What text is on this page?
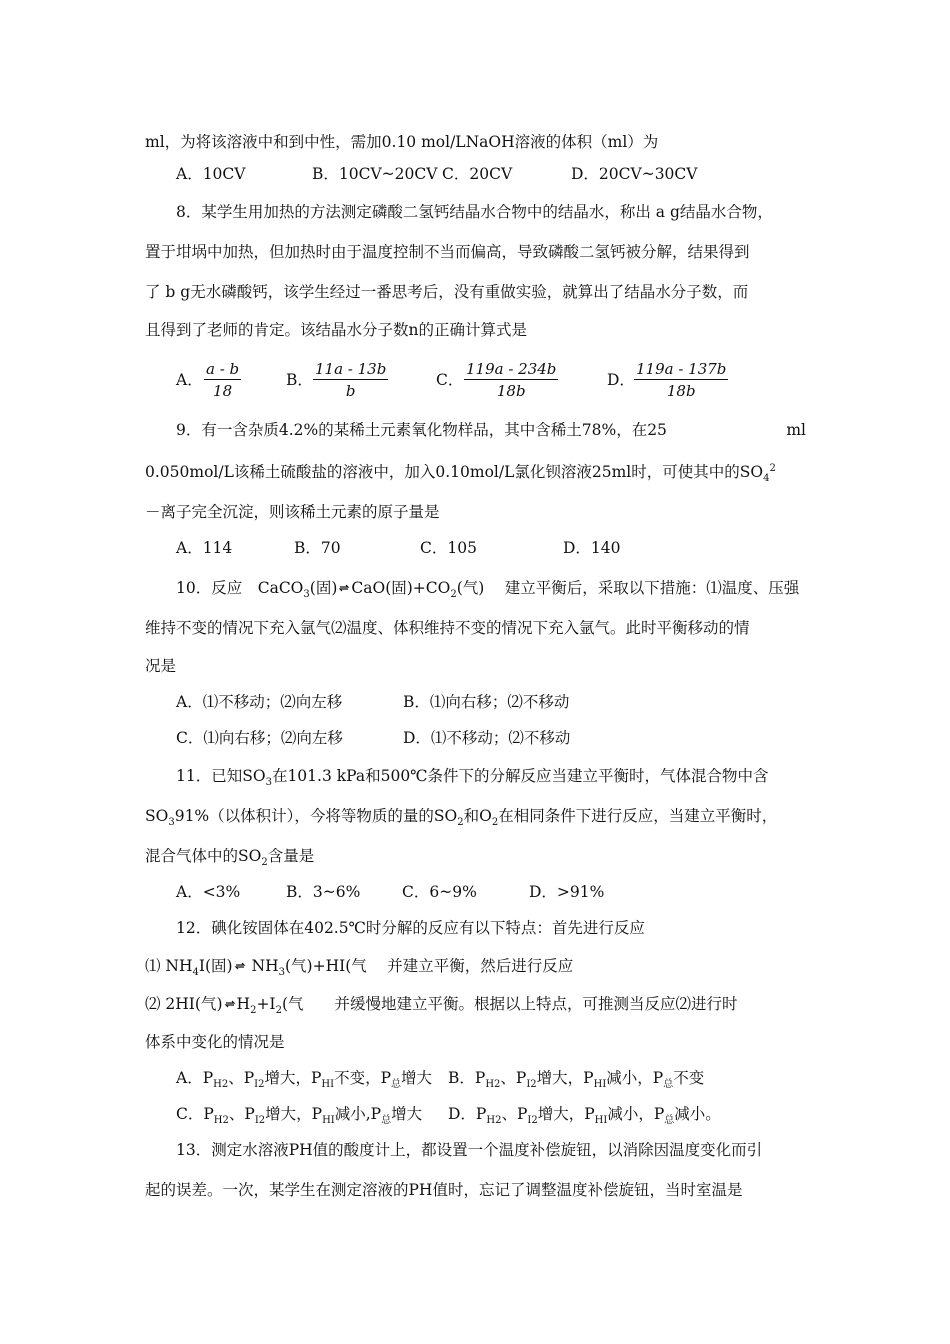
ml，为将该溶液中和到中性，需加0.10 mol/LNaOH溶液的体积（ml）为
A．10CV	B．10CV~20CV C．20CV	D．20CV~30CV
8．某学生用加热的方法测定磷酸二氢钙结晶水合物中的结晶水，称出 a g结晶水合物，
置于坩埚中加热，但加热时由于温度控制不当而偏高，导致磷酸二氢钙被分解，结果得到
了 b g无水磷酸钙，该学生经过一番思考后，没有重做实验，就算出了结晶水分子数，而
且得到了老师的肯定。该结晶水分子数n的正确计算式是
A． $\frac{a - b}{18}$	B． $\frac{11a - 13b}{b}$	C． $\frac{119a - 234b}{18b}$	D． $\frac{119a - 137b}{18b}$
9．有一含杂质4.2%的某稀土元素氧化物样品，其中含稀土78%，在25	ml
0.050mol/L该稀土硫酸盐的溶液中，加入0.10mol/L氯化钡溶液25ml时，可使其中的$SO_4^2$
－离子完全沉淀，则该稀土元素的原子量是
A．114	B．70	C．105	D．140
10．反应　CaCO$_3$(固) CaO(固)$+CO_2$(气)　 建立平衡后，采取以下措施：⑴温度、压强
维持不变的情况下充入氩气⑵温度、体积维持不变的情况下充入氩气。此时平衡移动的情
况是
A．⑴不移动；⑵向左移	B．⑴向右移；⑵不移动
C．⑴向右移；⑵向左移	D．⑴不移动；⑵不移动
11．已知$SO_3$在101.3 kPa和500℃条件下的分解反应当建立平衡时，气体混合物中含
$SO_391\%$（以体积计），今将等物质的量的$SO_2$和$O_2$在相同条件下进行反应，当建立平衡时，
混合气体中的$SO_2$含量是
A．<3%	B．3~6%	C．6~9%	D．>91%
12．碘化铵固体在402.5℃时分解的反应有以下特点：首先进行反应
⑴ $NH_4I$(固) $NH_3$(气)+HI(气　 并建立平衡，然后进行反应
⑵ 2HI(气) $H_2+I_2$(气　　并缓慢地建立平衡。根据以上特点，可推测当反应⑵进行时
体系中变化的情况是
A．$P_{H2}$、$P_{I2}$增大，$P_{HI}$不变，$P_总$增大 B．$P_{H2}$、$P_{I2}$增大，$P_{HI}$减小，$P_总$不变
C．$P_{H2}$、$P_{I2}$增大，$P_{HI}$减小$,P_总$增大 D．$P_{H2}$、$P_{I2}$增大，$P_{HI}$减小，$P_总$减小。
13．测定水溶液PH值的酸度计上，都设置一个温度补偿旋钮，以消除因温度变化而引
起的误差。一次，某学生在测定溶液的PH值时，忘记了调整温度补偿旋钮，当时室温是
